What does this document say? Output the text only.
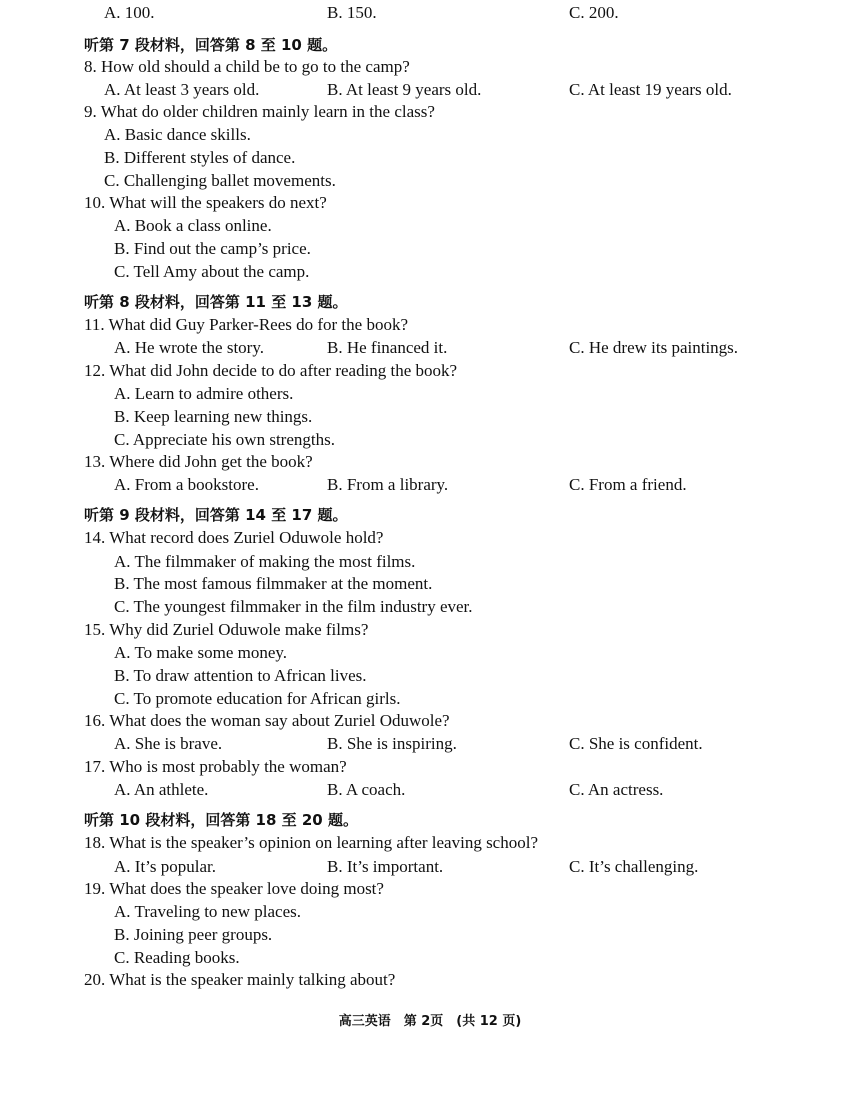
A. 100.	B. 150.	C. 200.
听第 7 段材料，回答第 8 至 10 题。
8. How old should a child be to go to the camp?
A. At least 3 years old.	B. At least 9 years old.	C. At least 19 years old.
9. What do older children mainly learn in the class?
A. Basic dance skills.
B. Different styles of dance.
C. Challenging ballet movements.
10. What will the speakers do next?
A. Book a class online.
B. Find out the camp’s price.
C. Tell Amy about the camp.
听第 8 段材料，回答第 11 至 13 题。
11. What did Guy Parker-Rees do for the book?
A. He wrote the story.	B. He financed it.	C. He drew its paintings.
12. What did John decide to do after reading the book?
A. Learn to admire others.
B. Keep learning new things.
C. Appreciate his own strengths.
13. Where did John get the book?
A. From a bookstore.	B. From a library.	C. From a friend.
听第 9 段材料，回答第 14 至 17 题。
14. What record does Zuriel Oduwole hold?
A. The filmmaker of making the most films.
B. The most famous filmmaker at the moment.
C. The youngest filmmaker in the film industry ever.
15. Why did Zuriel Oduwole make films?
A. To make some money.
B. To draw attention to African lives.
C. To promote education for African girls.
16. What does the woman say about Zuriel Oduwole?
A. She is brave.	B. She is inspiring.	C. She is confident.
17. Who is most probably the woman?
A. An athlete.	B. A coach.	C. An actress.
听第 10 段材料，回答第 18 至 20 题。
18. What is the speaker’s opinion on learning after leaving school?
A. It’s popular.	B. It’s important.	C. It’s challenging.
19. What does the speaker love doing most?
A. Traveling to new places.
B. Joining peer groups.
C. Reading books.
20. What is the speaker mainly talking about?
高三英语　第 2页　(共 12 页)
